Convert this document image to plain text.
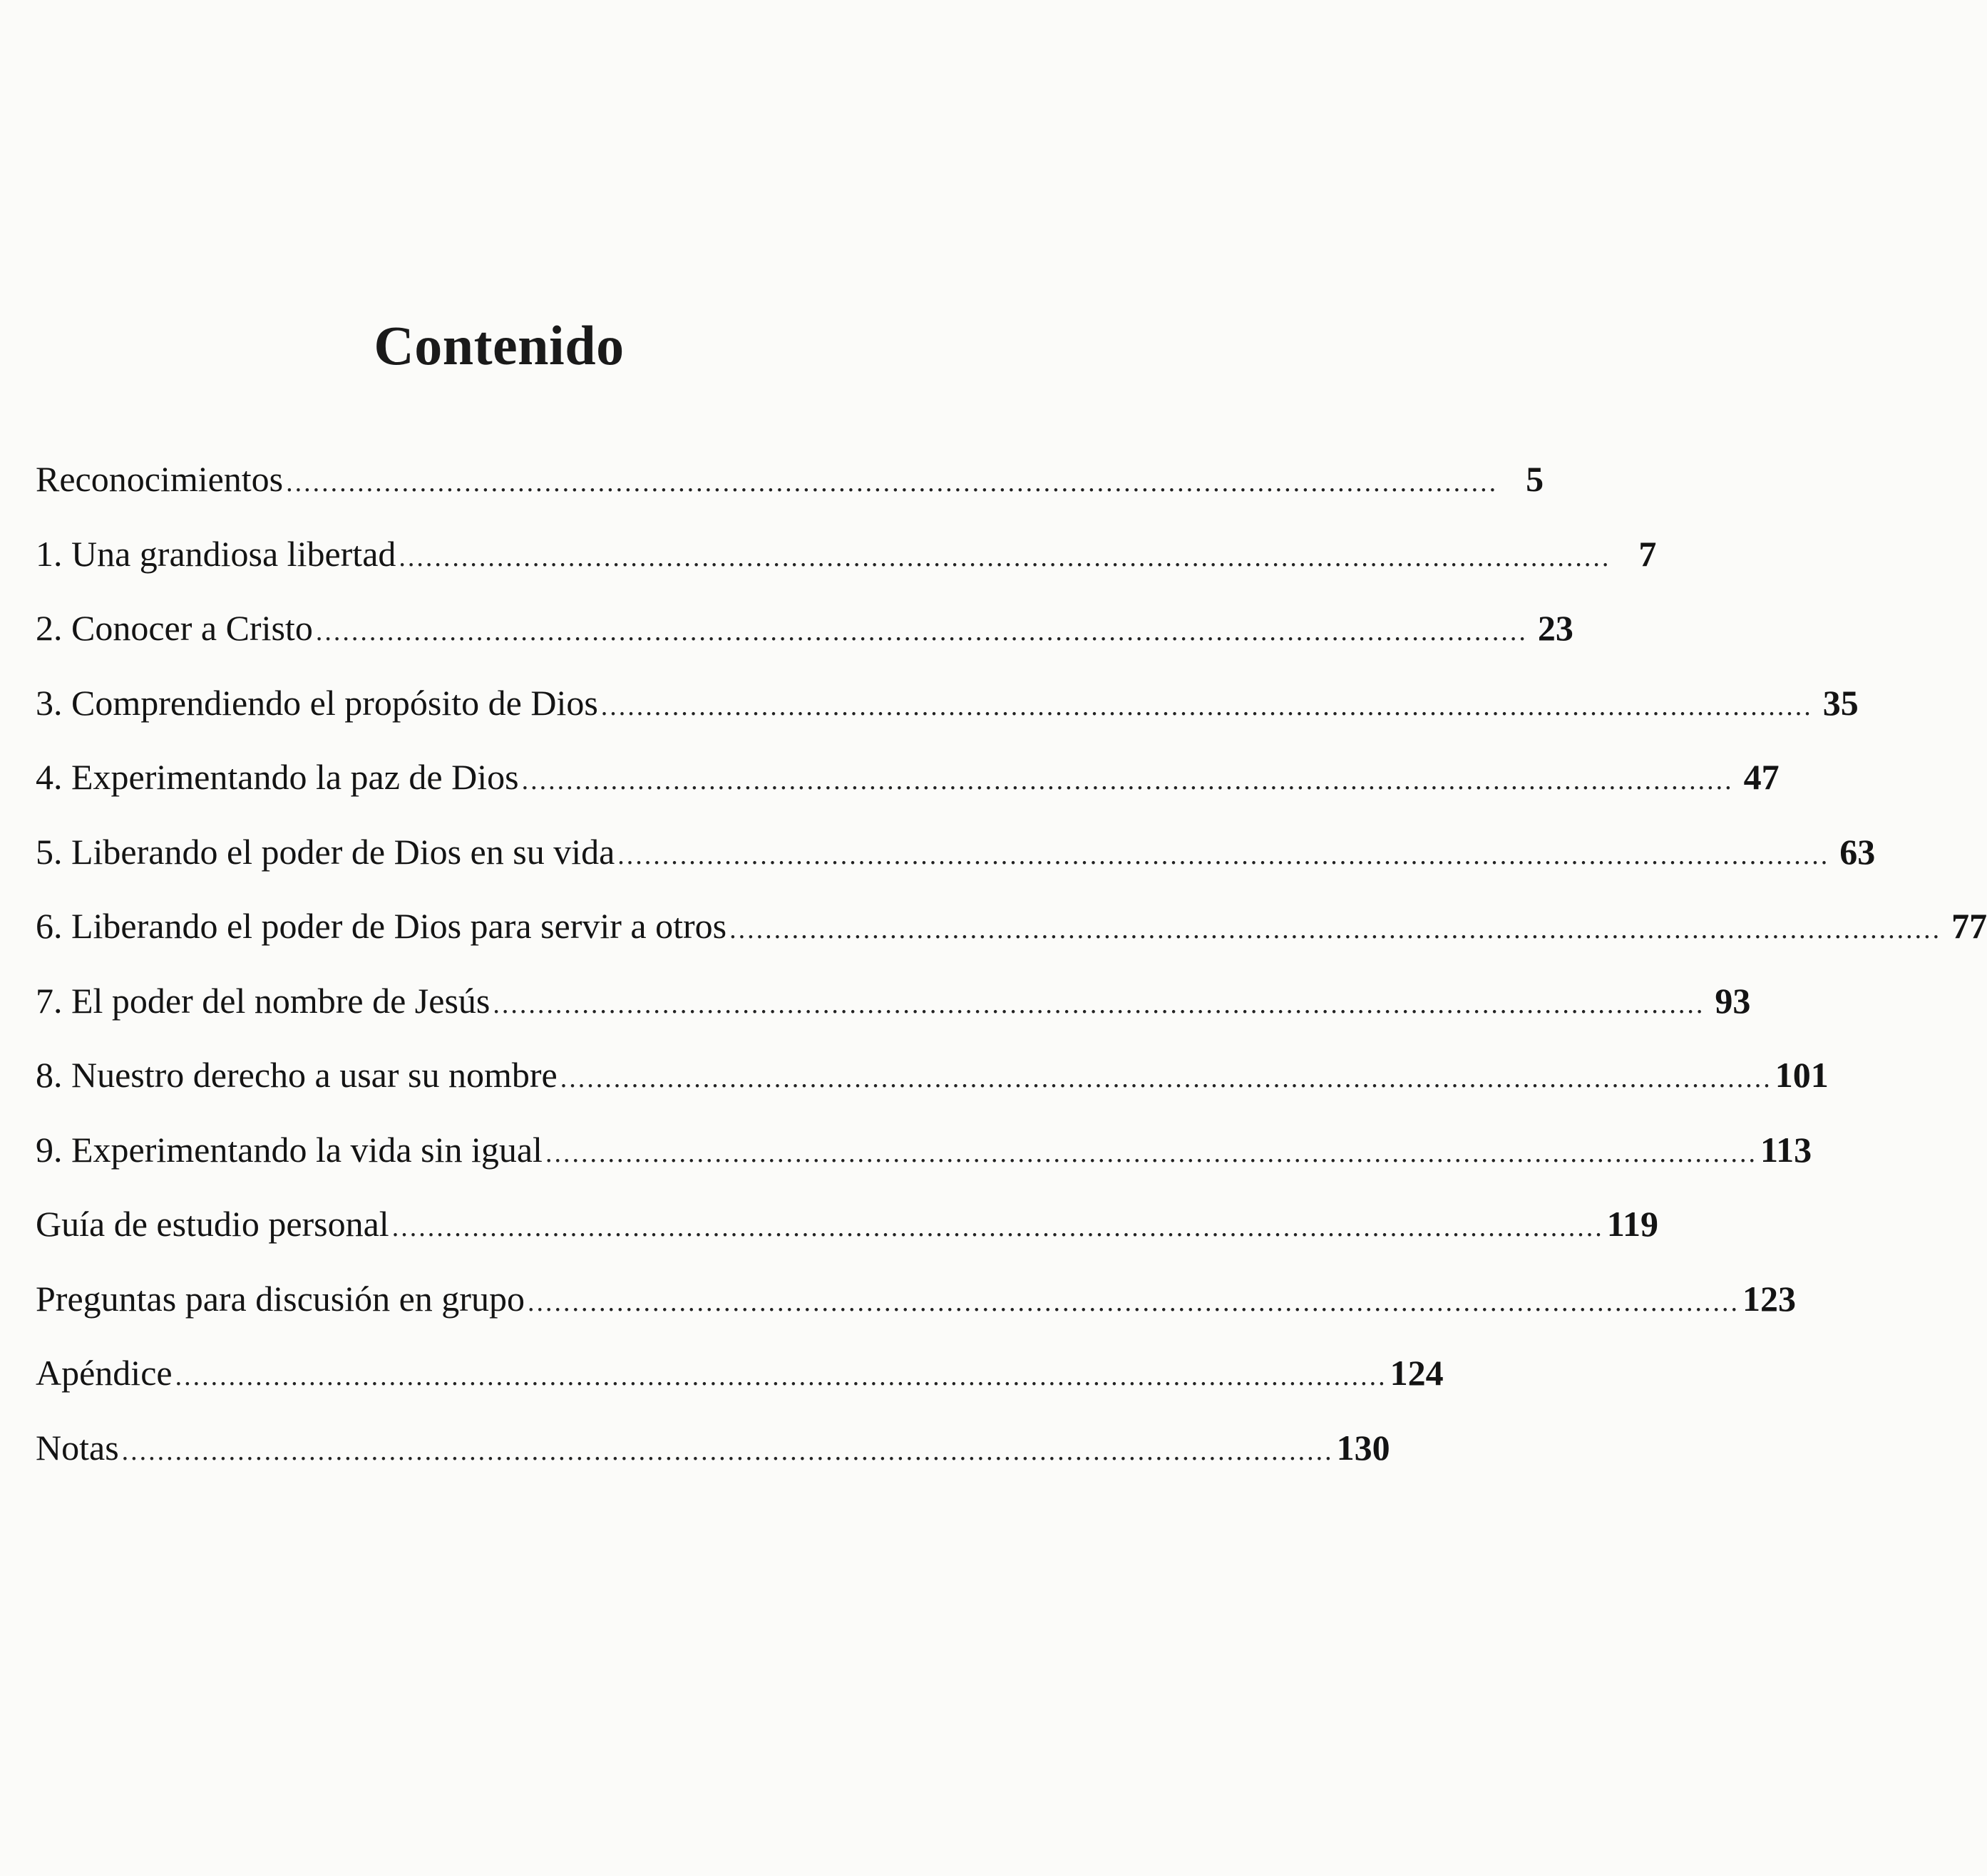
Contenido
Reconocimientos ........................................................................................................................................ 5
1. Una grandiosa libertad ........................................................................................................................................ 7
2. Conocer a Cristo ........................................................................................................................................ 23
3. Comprendiendo el propósito de Dios ........................................................................................................................................ 35
4. Experimentando la paz de Dios ........................................................................................................................................ 47
5. Liberando el poder de Dios en su vida ........................................................................................................................................ 63
6. Liberando el poder de Dios para servir a otros ........................................................................................................................................ 77
7. El poder del nombre de Jesús ........................................................................................................................................ 93
8. Nuestro derecho a usar su nombre ........................................................................................................................................ 101
9. Experimentando la vida sin igual ........................................................................................................................................ 113
Guía de estudio personal ........................................................................................................................................ 119
Preguntas para discusión en grupo ........................................................................................................................................ 123
Apéndice ........................................................................................................................................ 124
Notas ........................................................................................................................................ 130
